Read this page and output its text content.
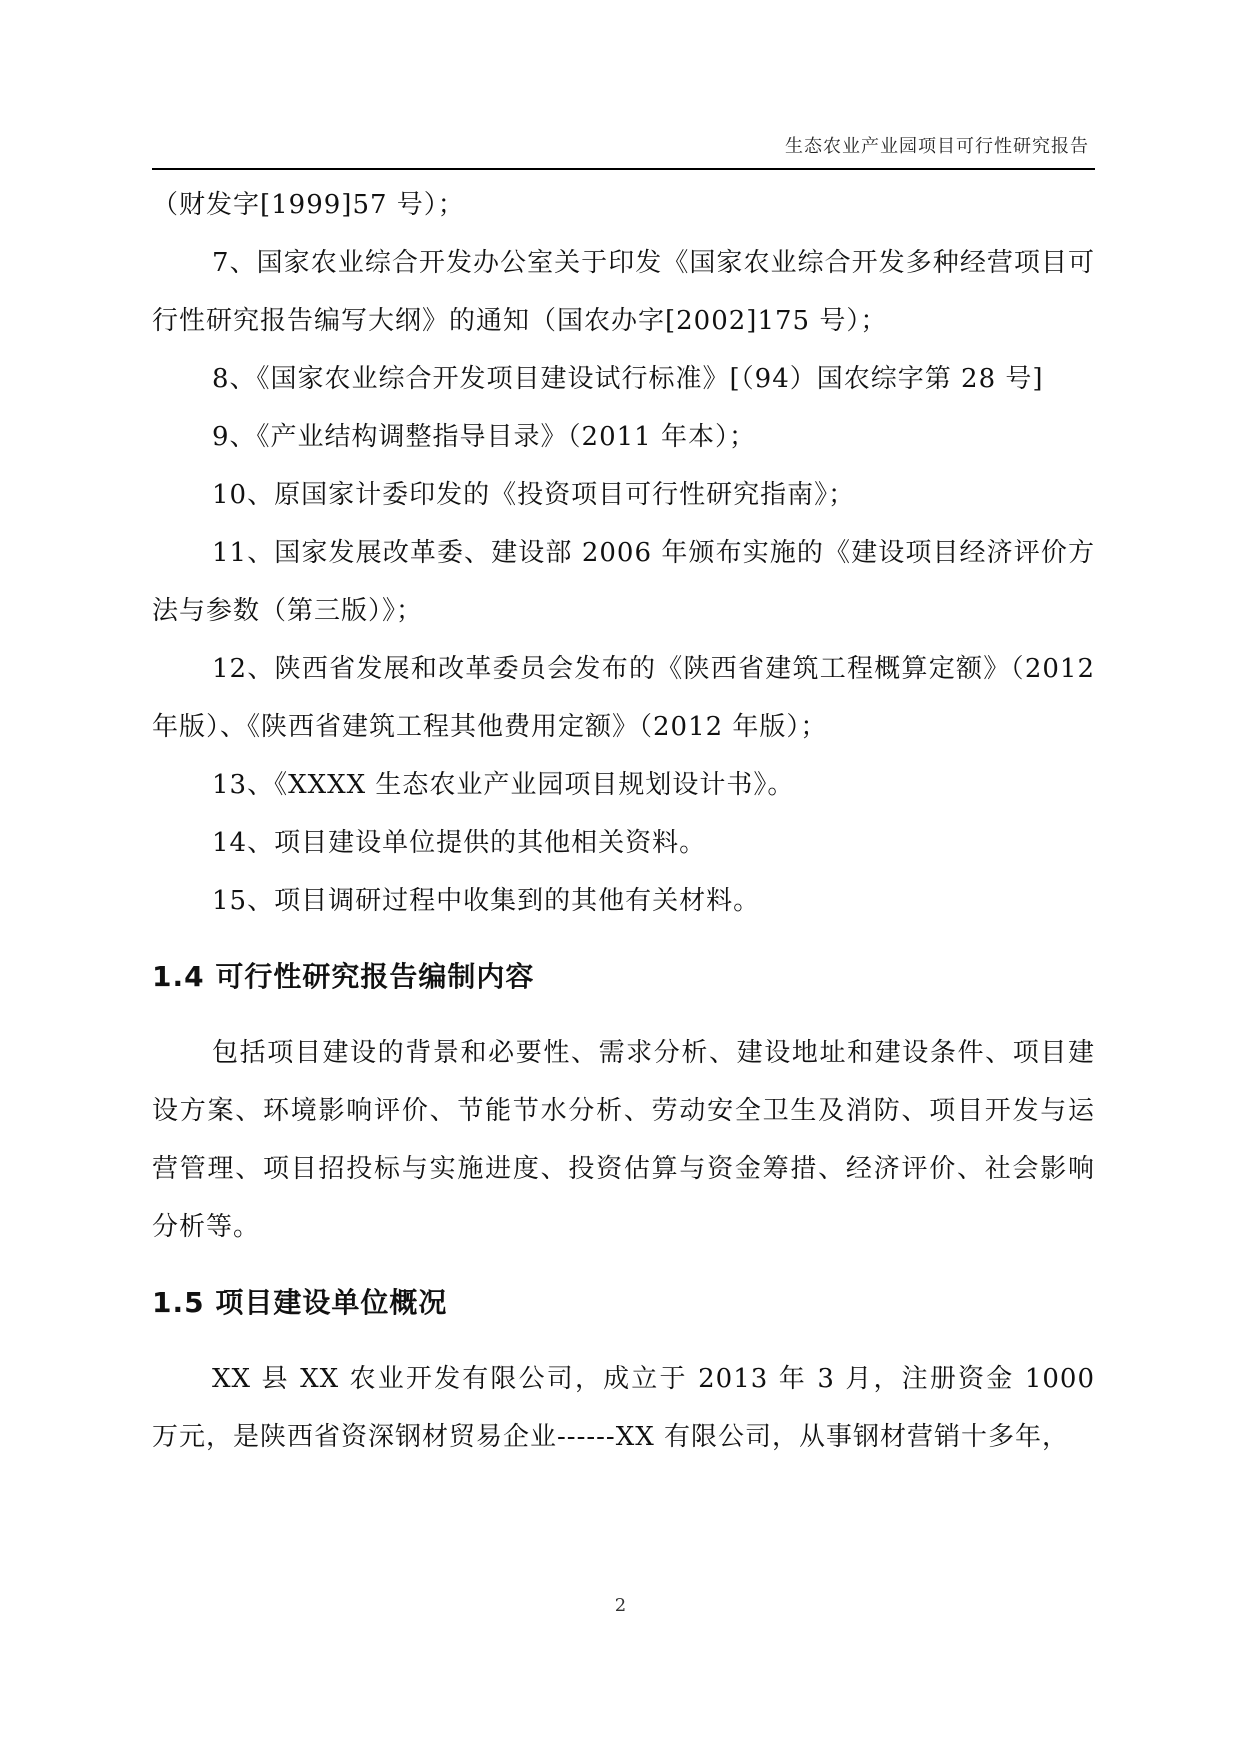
生态农业产业园项目可行性研究报告

（财发字[1999]57 号）；

7、国家农业综合开发办公室关于印发《国家农业综合开发多种经营项目可行性研究报告编写大纲》的通知（国农办字[2002]175 号）；

8、《国家农业综合开发项目建设试行标准》[（94）国农综字第 28 号]

9、《产业结构调整指导目录》（2011 年本）；

10、原国家计委印发的《投资项目可行性研究指南》；

11、国家发展改革委、建设部 2006 年颁布实施的《建设项目经济评价方法与参数（第三版）》；

12、陕西省发展和改革委员会发布的《陕西省建筑工程概算定额》（2012 年版）、《陕西省建筑工程其他费用定额》（2012 年版）；

13、《XXXX 生态农业产业园项目规划设计书》。

14、项目建设单位提供的其他相关资料。

15、项目调研过程中收集到的其他有关材料。

1.4 可行性研究报告编制内容

包括项目建设的背景和必要性、需求分析、建设地址和建设条件、项目建设方案、环境影响评价、节能节水分析、劳动安全卫生及消防、项目开发与运营管理、项目招投标与实施进度、投资估算与资金筹措、经济评价、社会影响分析等。

1.5 项目建设单位概况

XX 县 XX 农业开发有限公司，成立于 2013 年 3 月，注册资金 1000 万元，是陕西省资深钢材贸易企业------XX 有限公司，从事钢材营销十多年，

2
